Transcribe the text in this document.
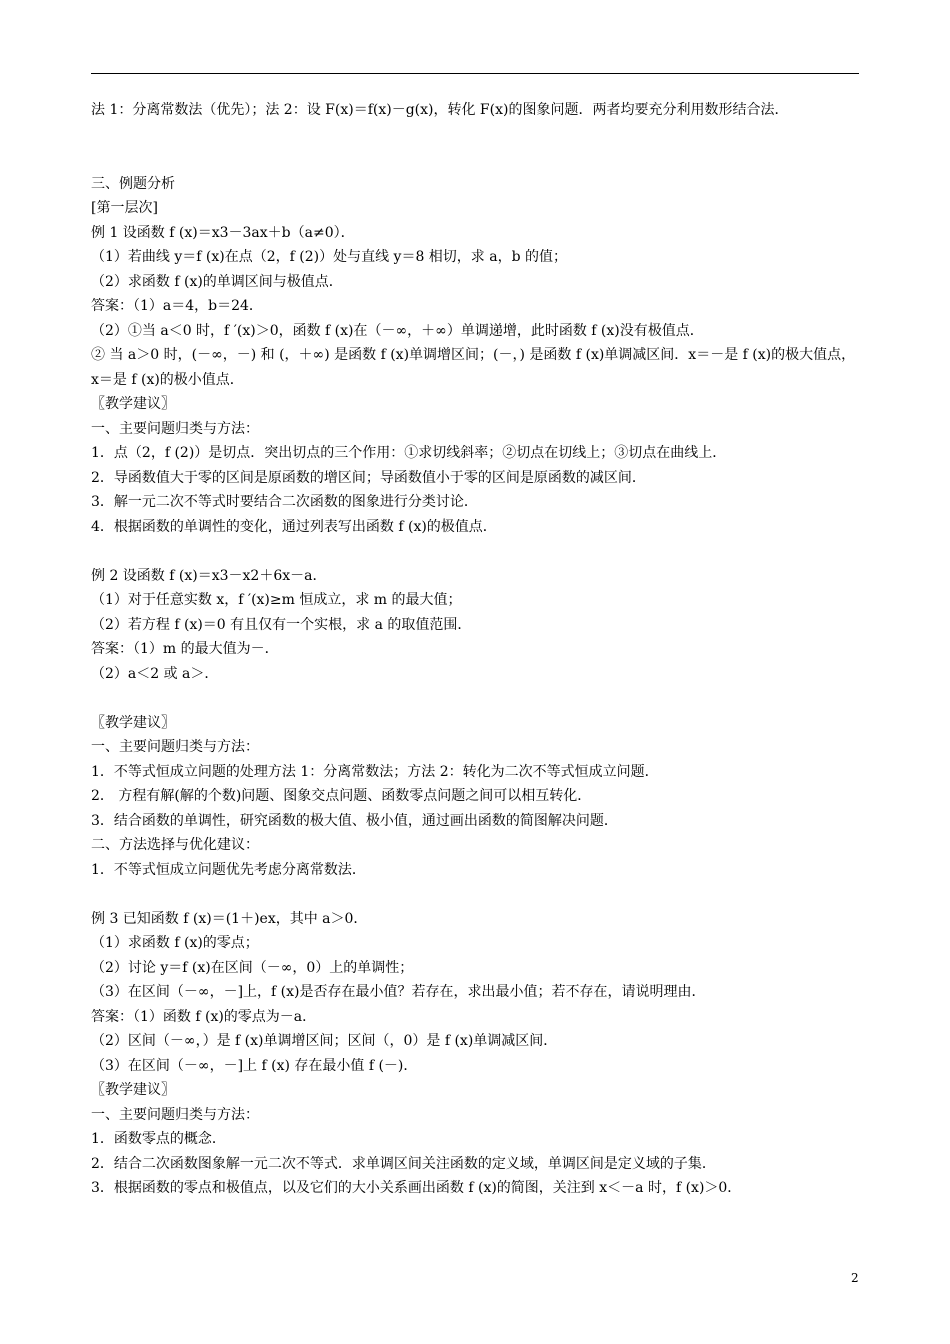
法 1：分离常数法（优先）；法 2：设 F(x)＝f(x)－g(x)，转化 F(x)的图象问题．两者均要充分利用数形结合法．
三、例题分析
[第一层次]
例 1 设函数 f (x)＝x3－3ax＋b（a≠0）．
（1）若曲线 y＝f (x)在点（2，f (2)）处与直线 y＝8 相切，求 a，b 的值；
（2）求函数 f (x)的单调区间与极值点．
答案：（1）a＝4，b＝24．
（2）①当 a＜0 时，f ′(x)＞0，函数 f (x)在（－∞，＋∞）单调递增，此时函数 f (x)没有极值点．
② 当 a＞0 时，(－∞，－) 和 (，＋∞) 是函数 f (x)单调增区间；(－，) 是函数 f (x)单调减区间．x＝－是 f (x)的极大值点，x＝是 f (x)的极小值点．
〖教学建议〗
一、主要问题归类与方法：
1．点（2，f (2)）是切点．突出切点的三个作用：①求切线斜率；②切点在切线上；③切点在曲线上．
2．导函数值大于零的区间是原函数的增区间；导函数值小于零的区间是原函数的减区间．
3．解一元二次不等式时要结合二次函数的图象进行分类讨论．
4．根据函数的单调性的变化，通过列表写出函数 f (x)的极值点．
例 2 设函数 f (x)＝x3－x2＋6x－a．
（1）对于任意实数 x，f ′(x)≥m 恒成立，求 m 的最大值；
（2）若方程 f (x)＝0 有且仅有一个实根，求 a 的取值范围．
答案：（1）m 的最大值为－．
（2）a＜2 或 a＞．
〖教学建议〗
一、主要问题归类与方法：
1．不等式恒成立问题的处理方法 1：分离常数法；方法 2：转化为二次不等式恒成立问题．
2． 方程有解(解的个数)问题、图象交点问题、函数零点问题之间可以相互转化．
3．结合函数的单调性，研究函数的极大值、极小值，通过画出函数的简图解决问题．
二、方法选择与优化建议：
1．不等式恒成立问题优先考虑分离常数法．
例 3 已知函数 f (x)＝(1＋)ex，其中 a＞0．
（1）求函数 f (x)的零点；
（2）讨论 y＝f (x)在区间（－∞，0）上的单调性；
（3）在区间（－∞，－]上，f (x)是否存在最小值？若存在，求出最小值；若不存在，请说明理由．
答案：（1）函数 f (x)的零点为－a．
（2）区间（－∞，）是 f (x)单调增区间；区间（，0）是 f (x)单调减区间．
（3）在区间（－∞，－]上 f (x) 存在最小值 f (－)．
〖教学建议〗
一、主要问题归类与方法：
1．函数零点的概念．
2．结合二次函数图象解一元二次不等式．求单调区间关注函数的定义域，单调区间是定义域的子集．
3．根据函数的零点和极值点，以及它们的大小关系画出函数 f (x)的简图，关注到 x＜－a 时，f (x)＞0．
2
